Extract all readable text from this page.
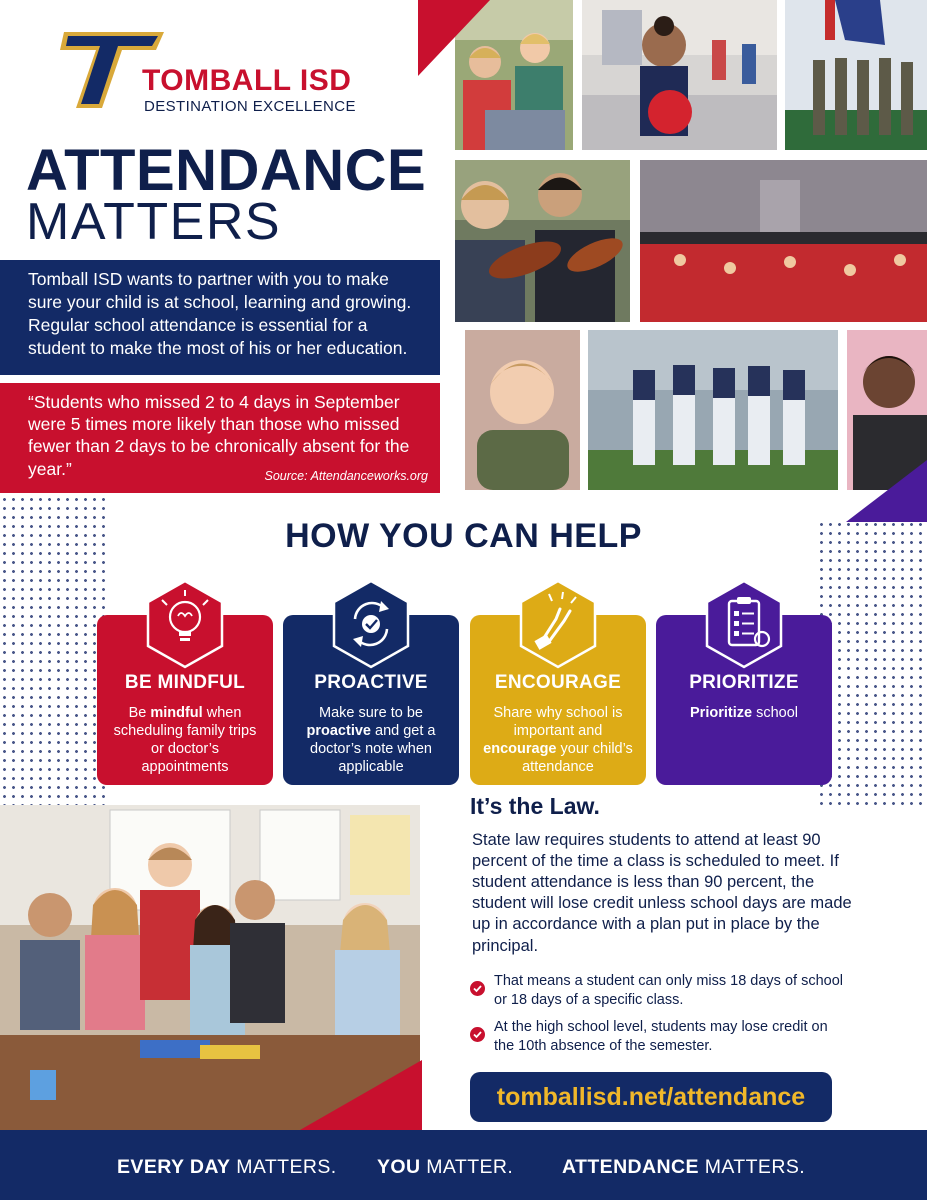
TOMBALL ISD
DESTINATION EXCELLENCE
ATTENDANCE
MATTERS
Tomball ISD wants to partner with you to make sure your child is at school, learning and growing. Regular school attendance is essential for a student to make the most of his or her education.
“Students who missed 2 to 4 days in September were 5 times more likely than those who missed fewer than 2 days to be chronically absent for the year.”	Source: Attendanceworks.org
HOW YOU CAN HELP
BE MINDFUL
Be mindful when scheduling family trips or doctor’s appointments
PROACTIVE
Make sure to be proactive and get a doctor’s note when applicable
ENCOURAGE
Share why school is important and encourage your child’s attendance
PRIORITIZE
Prioritize school
It’s the Law.
State law requires students to attend at least 90 percent of the time a class is scheduled to meet. If student attendance is less than 90 percent, the student will lose credit unless school days are made up in accordance with a plan put in place by the principal.
That means a student can only miss 18 days of school or 18 days of a specific class.
At the high school level, students may lose credit on the 10th absence of the semester.
tomballisd.net/attendance
EVERY DAY MATTERS. YOU MATTER.	ATTENDANCE MATTERS.
